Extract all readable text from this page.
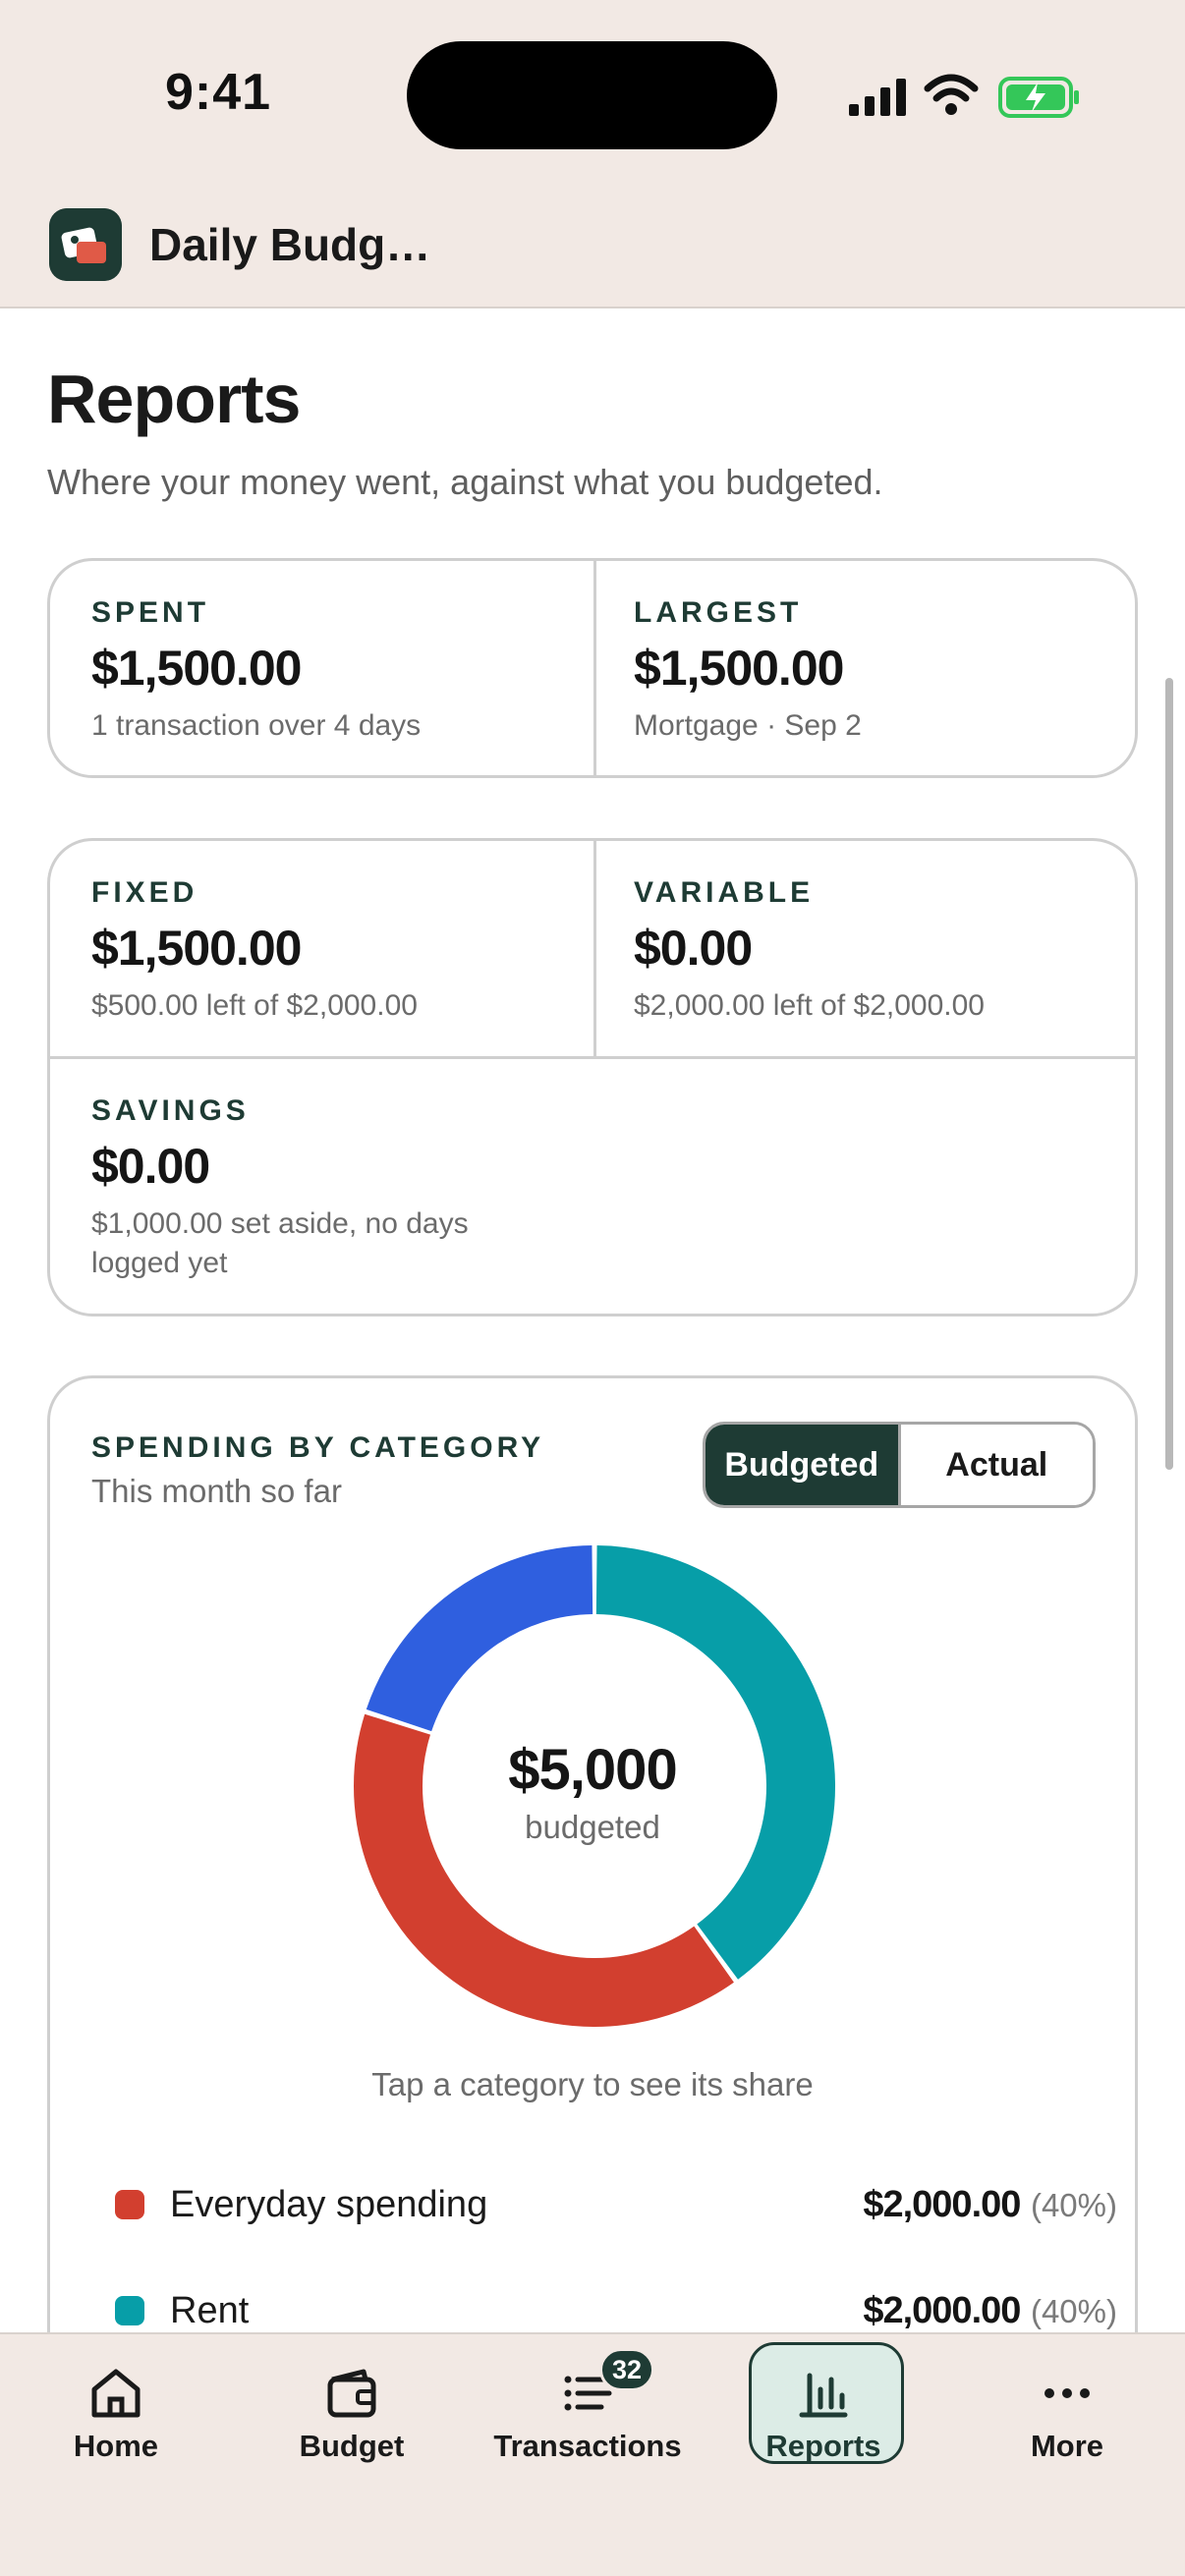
9:41
Daily Budg…
Reports
Where your money went, against what you budgeted.
SPENT
$1,500.00
1 transaction over 4 days
LARGEST
$1,500.00
Mortgage · Sep 2
FIXED
$1,500.00
$500.00 left of $2,000.00
VARIABLE
$0.00
$2,000.00 left of $2,000.00
SAVINGS
$0.00
$1,000.00 set aside, no days
logged yet
SPENDING BY CATEGORY
This month so far
Budgeted	Actual
$5,000
budgeted
Tap a category to see its share
Everyday spending	$2,000.00 (40%)
Rent	$2,000.00 (40%)
Home	Budget
32
Transactions	Reports	More
